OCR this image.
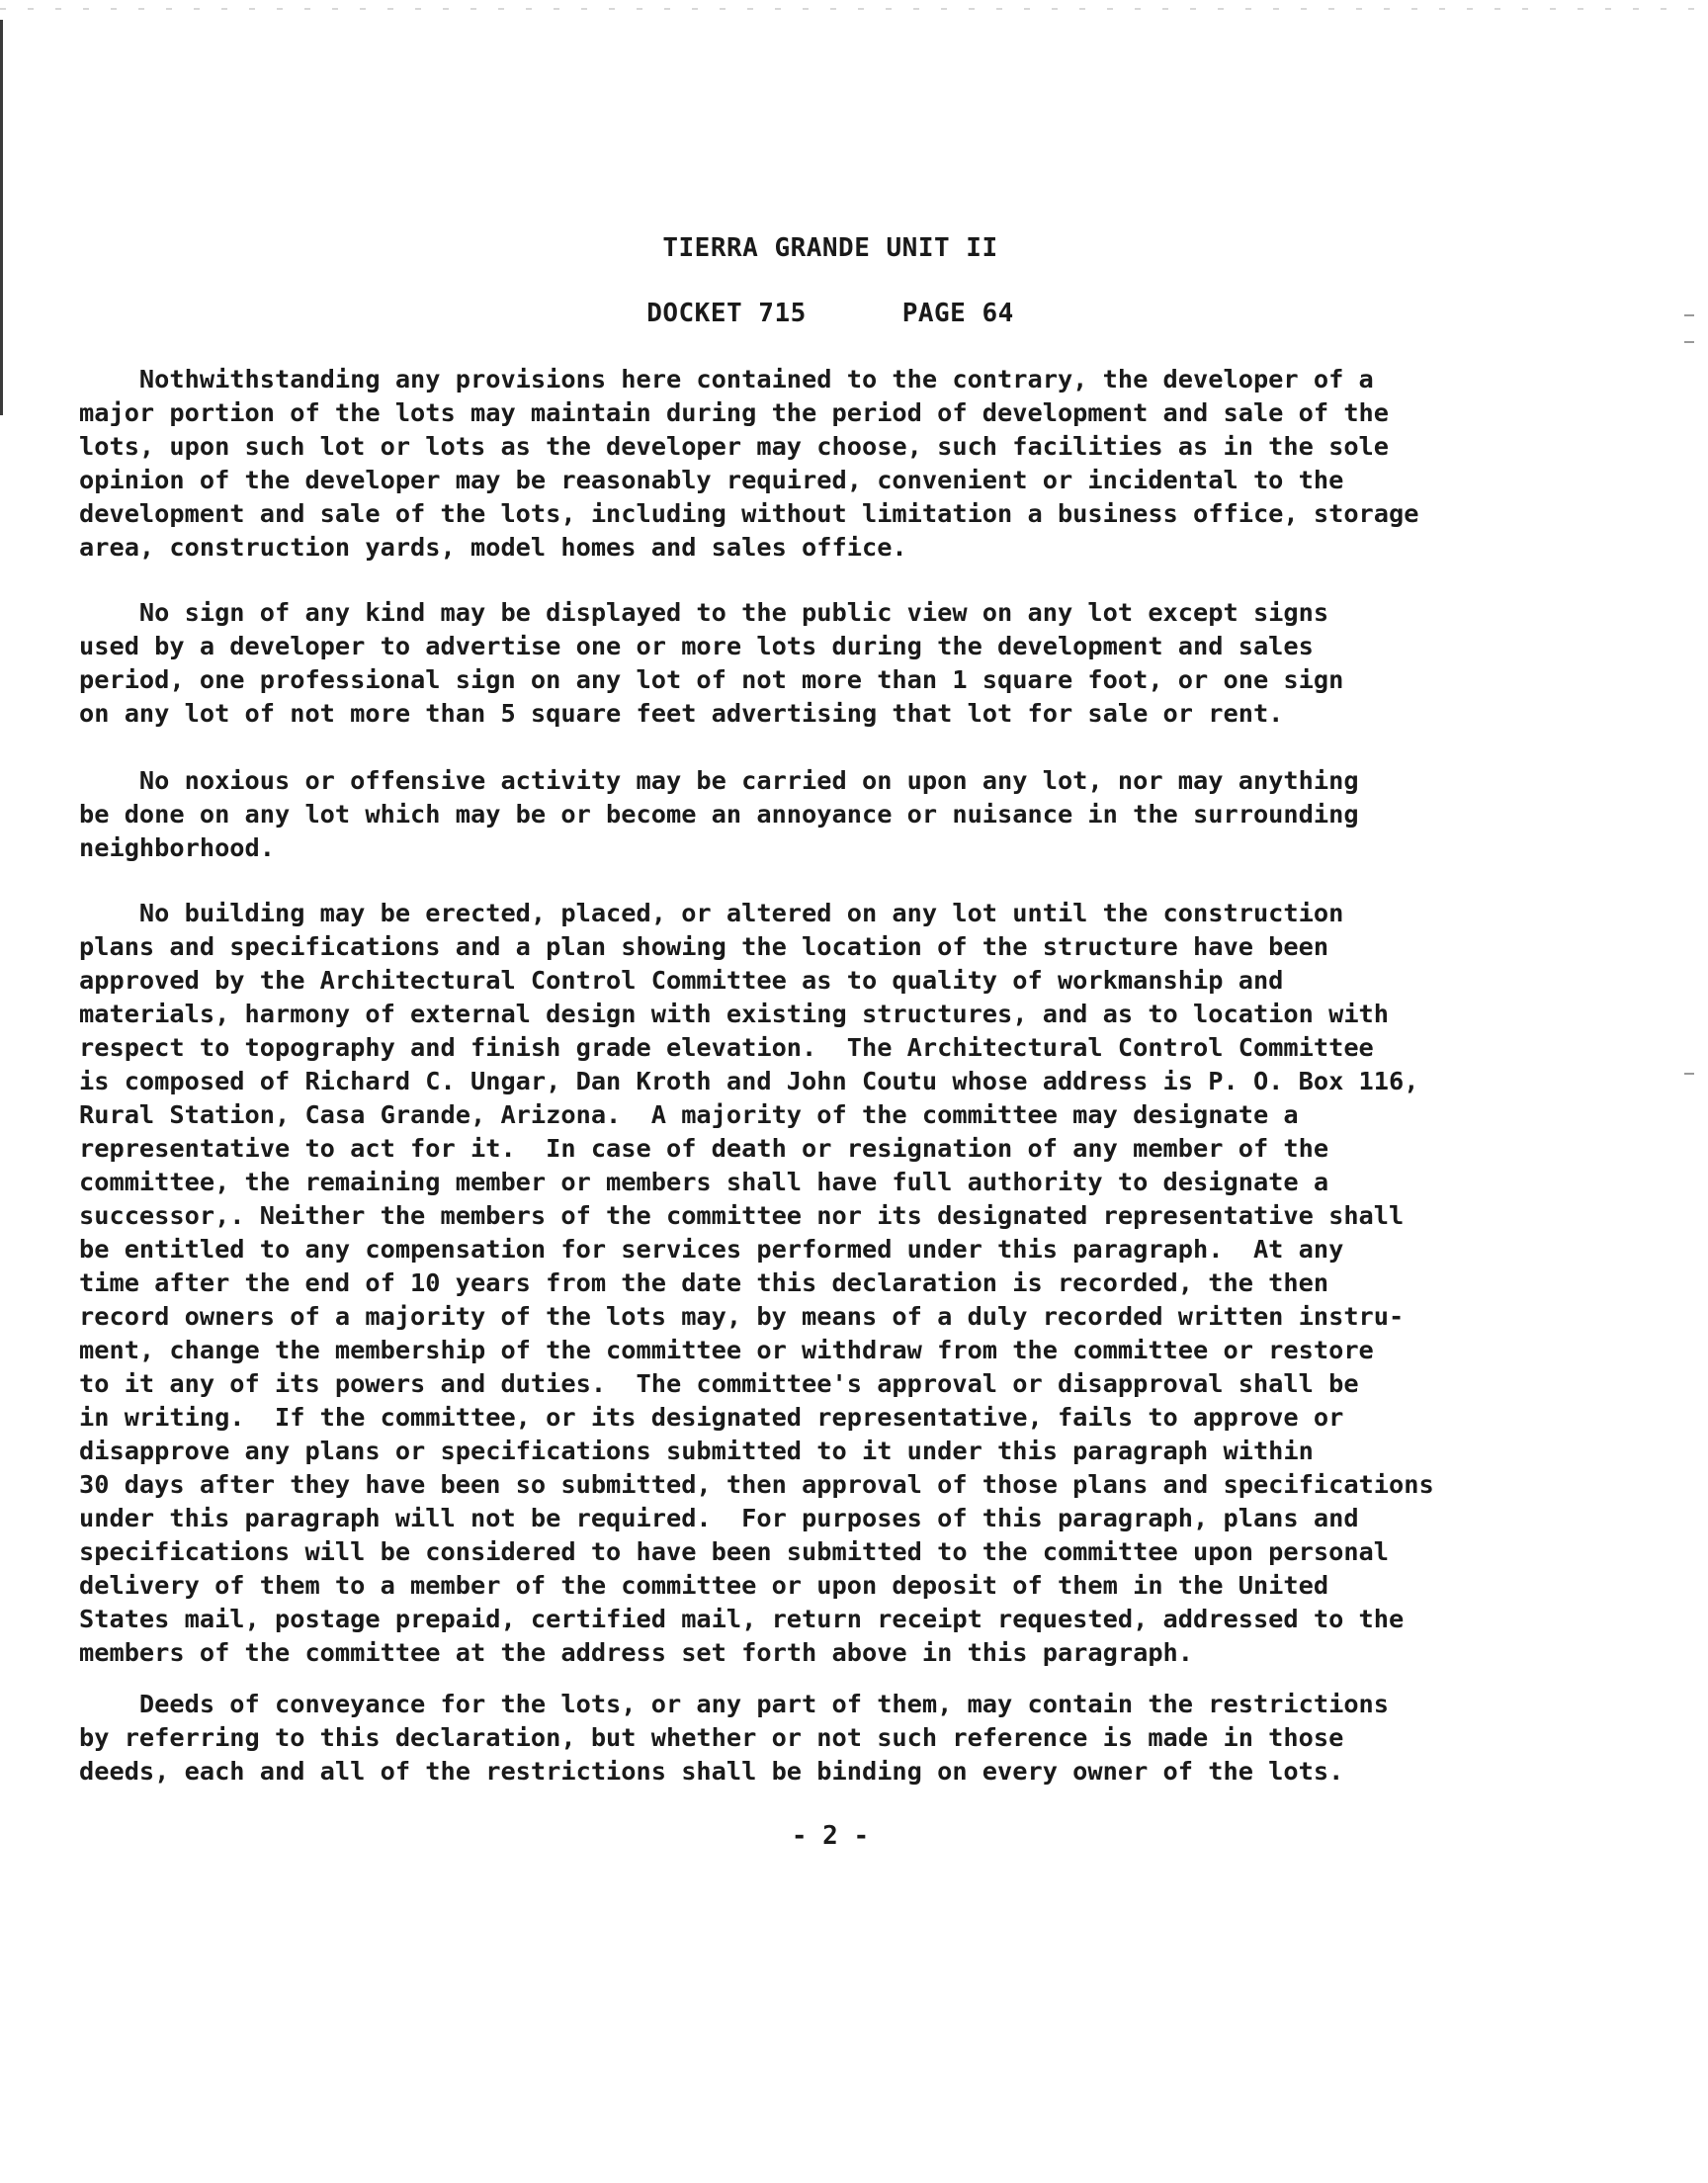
TIERRA GRANDE UNIT II
DOCKET 715	PAGE 64
Nothwithstanding any provisions here contained to the contrary, the developer of a
major portion of the lots may maintain during the period of development and sale of the
lots, upon such lot or lots as the developer may choose, such facilities as in the sole
opinion of the developer may be reasonably required, convenient or incidental to the
development and sale of the lots, including without limitation a business office, storage
area, construction yards, model homes and sales office.
No sign of any kind may be displayed to the public view on any lot except signs
used by a developer to advertise one or more lots during the development and sales
period, one professional sign on any lot of not more than 1 square foot, or one sign
on any lot of not more than 5 square feet advertising that lot for sale or rent.
No noxious or offensive activity may be carried on upon any lot, nor may anything
be done on any lot which may be or become an annoyance or nuisance in the surrounding
neighborhood.
No building may be erected, placed, or altered on any lot until the construction
plans and specifications and a plan showing the location of the structure have been
approved by the Architectural Control Committee as to quality of workmanship and
materials, harmony of external design with existing structures, and as to location with
respect to topography and finish grade elevation.  The Architectural Control Committee
is composed of Richard C. Ungar, Dan Kroth and John Coutu whose address is P. O. Box 116,
Rural Station, Casa Grande, Arizona.  A majority of the committee may designate a
representative to act for it.  In case of death or resignation of any member of the
committee, the remaining member or members shall have full authority to designate a
successor,. Neither the members of the committee nor its designated representative shall
be entitled to any compensation for services performed under this paragraph.  At any
time after the end of 10 years from the date this declaration is recorded, the then
record owners of a majority of the lots may, by means of a duly recorded written instru-
ment, change the membership of the committee or withdraw from the committee or restore
to it any of its powers and duties.  The committee's approval or disapproval shall be
in writing.  If the committee, or its designated representative, fails to approve or
disapprove any plans or specifications submitted to it under this paragraph within
30 days after they have been so submitted, then approval of those plans and specifications
under this paragraph will not be required.  For purposes of this paragraph, plans and
specifications will be considered to have been submitted to the committee upon personal
delivery of them to a member of the committee or upon deposit of them in the United
States mail, postage prepaid, certified mail, return receipt requested, addressed to the
members of the committee at the address set forth above in this paragraph.
Deeds of conveyance for the lots, or any part of them, may contain the restrictions
by referring to this declaration, but whether or not such reference is made in those
deeds, each and all of the restrictions shall be binding on every owner of the lots.
- 2 -
